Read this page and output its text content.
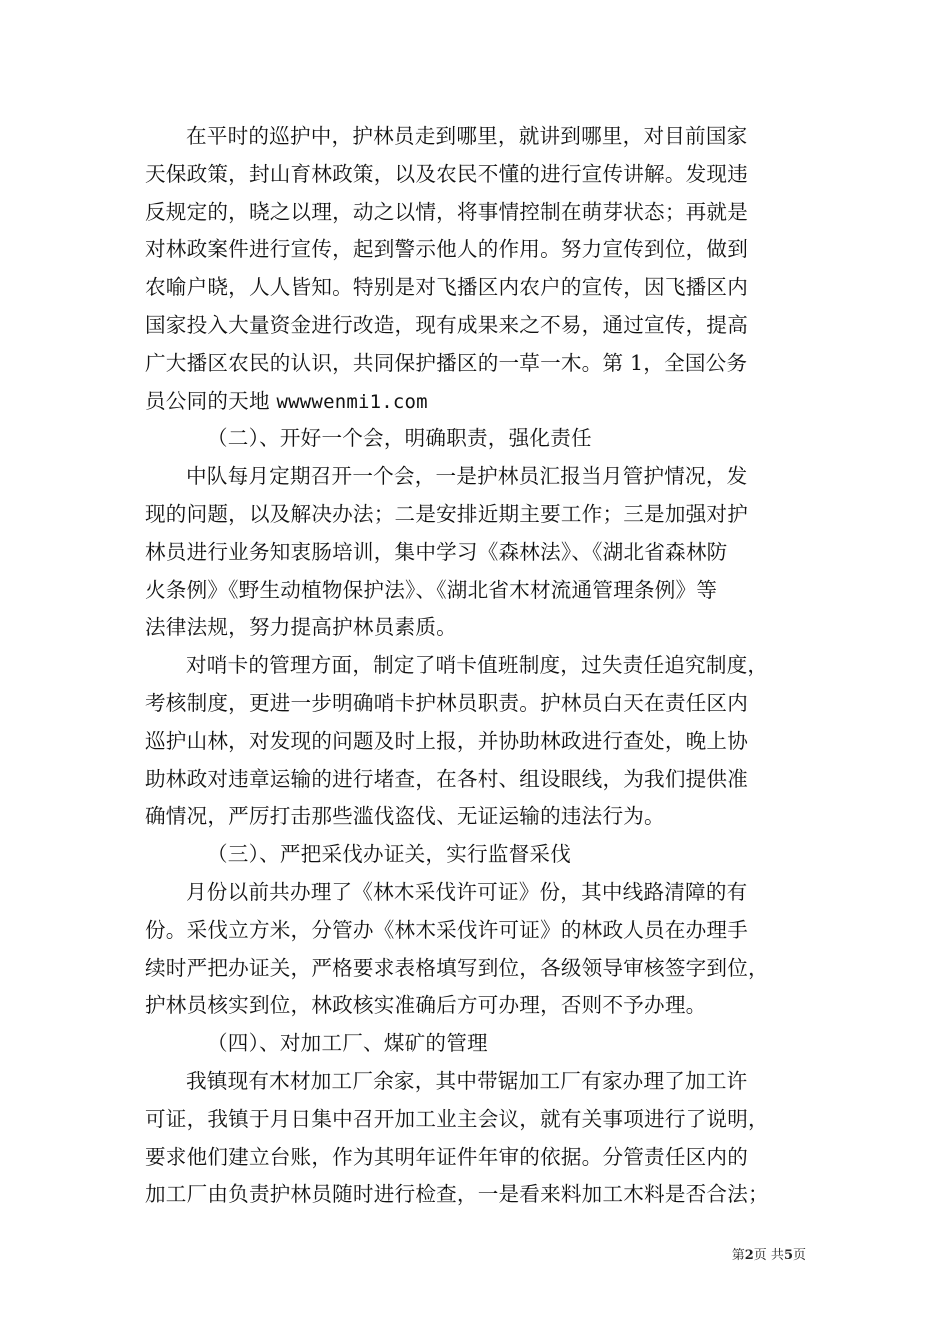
在平时的巡护中，护林员走到哪里，就讲到哪里，对目前国家
天保政策，封山育林政策，以及农民不懂的进行宣传讲解。发现违
反规定的，晓之以理，动之以情，将事情控制在萌芽状态；再就是
对林政案件进行宣传，起到警示他人的作用。努力宣传到位，做到
农喻户晓，人人皆知。特别是对飞播区内农户的宣传，因飞播区内
国家投入大量资金进行改造，现有成果来之不易，通过宣传，提高
广大播区农民的认识，共同保护播区的一草一木。第 1，全国公务
员公同的天地 wwwwenmi1.com
（二）、开好一个会，明确职责，强化责任
中队每月定期召开一个会，一是护林员汇报当月管护情况，发
现的问题，以及解决办法；二是安排近期主要工作；三是加强对护
林员进行业务知衷肠培训，集中学习《森林法》、《湖北省森林防
火条例》《野生动植物保护法》、《湖北省木材流通管理条例》等
法律法规，努力提高护林员素质。
对哨卡的管理方面，制定了哨卡值班制度，过失责任追究制度，
考核制度，更进一步明确哨卡护林员职责。护林员白天在责任区内
巡护山林，对发现的问题及时上报，并协助林政进行查处，晚上协
助林政对违章运输的进行堵查，在各村、组设眼线，为我们提供准
确情况，严厉打击那些滥伐盗伐、无证运输的违法行为。
（三）、严把采伐办证关，实行监督采伐
月份以前共办理了《林木采伐许可证》份，其中线路清障的有
份。采伐立方米，分管办《林木采伐许可证》的林政人员在办理手
续时严把办证关，严格要求表格填写到位，各级领导审核签字到位，
护林员核实到位，林政核实准确后方可办理，否则不予办理。
（四）、对加工厂、煤矿的管理
我镇现有木材加工厂余家，其中带锯加工厂有家办理了加工许
可证，我镇于月日集中召开加工业主会议，就有关事项进行了说明，
要求他们建立台账，作为其明年证件年审的依据。分管责任区内的
加工厂由负责护林员随时进行检查，一是看来料加工木料是否合法；
第2页 共5页
